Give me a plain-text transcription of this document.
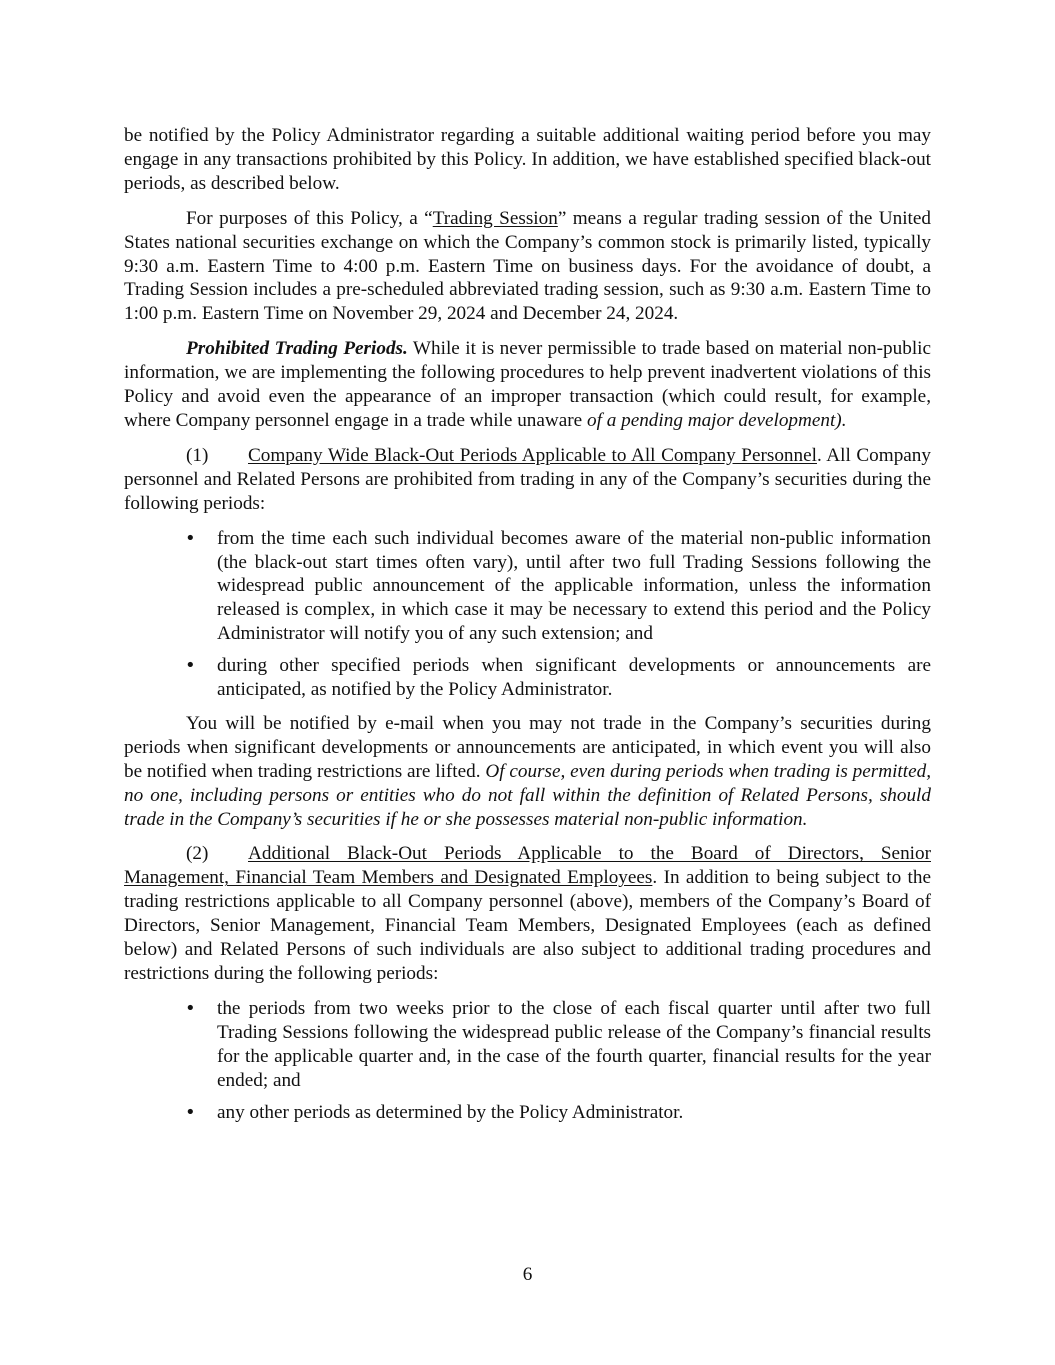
be notified by the Policy Administrator regarding a suitable additional waiting period before you may engage in any transactions prohibited by this Policy. In addition, we have established specified black-out periods, as described below.

For purposes of this Policy, a “Trading Session” means a regular trading session of the United States national securities exchange on which the Company’s common stock is primarily listed, typically 9:30 a.m. Eastern Time to 4:00 p.m. Eastern Time on business days. For the avoidance of doubt, a Trading Session includes a pre-scheduled abbreviated trading session, such as 9:30 a.m. Eastern Time to 1:00 p.m. Eastern Time on November 29, 2024 and December 24, 2024.

Prohibited Trading Periods. While it is never permissible to trade based on material non-public information, we are implementing the following procedures to help prevent inadvertent violations of this Policy and avoid even the appearance of an improper transaction (which could result, for example, where Company personnel engage in a trade while unaware of a pending major development).

(1) Company Wide Black-Out Periods Applicable to All Company Personnel. All Company personnel and Related Persons are prohibited from trading in any of the Company’s securities during the following periods:

• from the time each such individual becomes aware of the material non-public information (the black-out start times often vary), until after two full Trading Sessions following the widespread public announcement of the applicable information, unless the information released is complex, in which case it may be necessary to extend this period and the Policy Administrator will notify you of any such extension; and
• during other specified periods when significant developments or announcements are anticipated, as notified by the Policy Administrator.

You will be notified by e-mail when you may not trade in the Company’s securities during periods when significant developments or announcements are anticipated, in which event you will also be notified when trading restrictions are lifted. Of course, even during periods when trading is permitted, no one, including persons or entities who do not fall within the definition of Related Persons, should trade in the Company’s securities if he or she possesses material non-public information.

(2) Additional Black-Out Periods Applicable to the Board of Directors, Senior Management, Financial Team Members and Designated Employees. In addition to being subject to the trading restrictions applicable to all Company personnel (above), members of the Company’s Board of Directors, Senior Management, Financial Team Members, Designated Employees (each as defined below) and Related Persons of such individuals are also subject to additional trading procedures and restrictions during the following periods:

• the periods from two weeks prior to the close of each fiscal quarter until after two full Trading Sessions following the widespread public release of the Company’s financial results for the applicable quarter and, in the case of the fourth quarter, financial results for the year ended; and
• any other periods as determined by the Policy Administrator.
6
